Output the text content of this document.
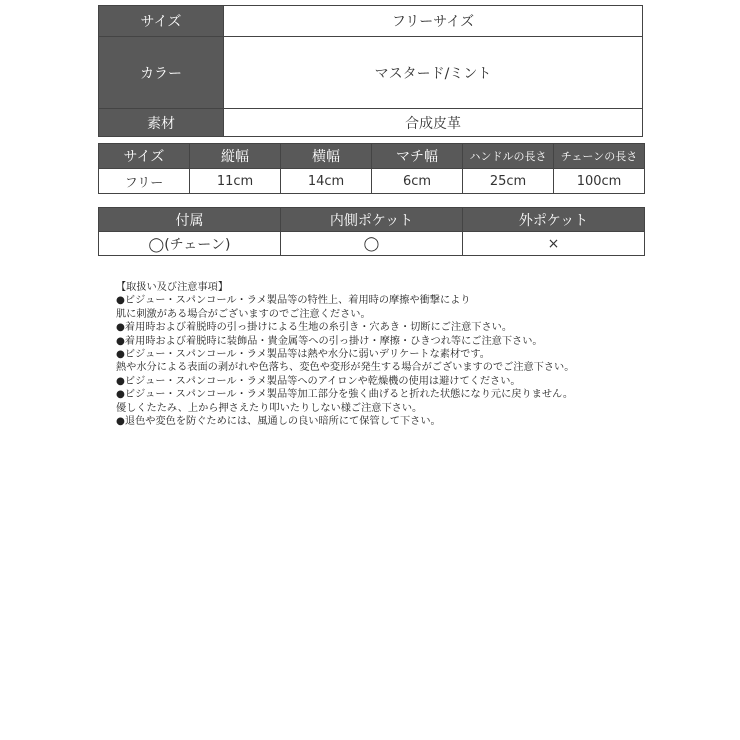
サイズ	フリーサイズ
カラー	マスタード/ミント
素材	合成皮革
サイズ	縦幅	横幅	マチ幅	ハンドルの長さ	チェーンの長さ
フリー	11cm	14cm	6cm	25cm	100cm
付属	内側ポケット	外ポケット
◯(チェーン)	◯	×
【取扱い及び注意事項】
●ビジュー・スパンコール・ラメ製品等の特性上、着用時の摩擦や衝撃により
肌に刺激がある場合がございますのでご注意ください。
●着用時および着脱時の引っ掛けによる生地の糸引き・穴あき・切断にご注意下さい。
●着用時および着脱時に装飾品・貴金属等への引っ掛け・摩擦・ひきつれ等にご注意下さい。
●ビジュー・スパンコール・ラメ製品等は熱や水分に弱いデリケートな素材です。
熱や水分による表面の剥がれや色落ち、変色や変形が発生する場合がございますのでご注意下さい。
●ビジュー・スパンコール・ラメ製品等へのアイロンや乾燥機の使用は避けてください。
●ビジュー・スパンコール・ラメ製品等加工部分を強く曲げると折れた状態になり元に戻りません。
優しくたたみ、上から押さえたり叩いたりしない様ご注意下さい。
●退色や変色を防ぐためには、風通しの良い暗所にて保管して下さい。
